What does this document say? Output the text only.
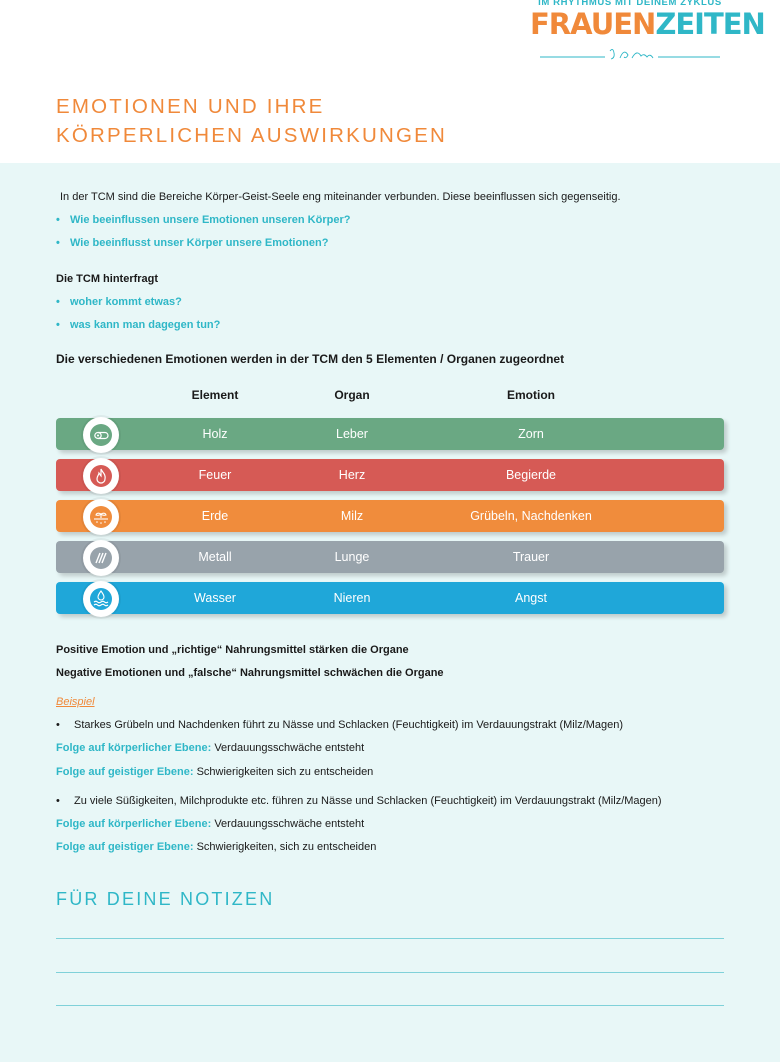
IM RHYTHMUS MIT DEINEM ZYKLUS
FRAUENZEITEN
EMOTIONEN UND IHRE
KÖRPERLICHEN AUSWIRKUNGEN
In der TCM sind die Bereiche Körper-Geist-Seele eng miteinander verbunden. Diese beeinflussen sich gegenseitig.
• Wie beeinflussen unsere Emotionen unseren Körper?
• Wie beeinflusst unser Körper unsere Emotionen?
Die TCM hinterfragt
• woher kommt etwas?
• was kann man dagegen tun?
Die verschiedenen Emotionen werden in der TCM den 5 Elementen / Organen zugeordnet
Element	Organ	Emotion
Holz	Leber	Zorn
Feuer	Herz	Begierde
Erde	Milz	Grübeln, Nachdenken
Metall	Lunge	Trauer
Wasser	Nieren	Angst
Positive Emotion und „richtige“ Nahrungsmittel stärken die Organe
Negative Emotionen und „falsche“ Nahrungsmittel schwächen die Organe
Beispiel
• Starkes Grübeln und Nachdenken führt zu Nässe und Schlacken (Feuchtigkeit) im Verdauungstrakt (Milz/Magen)
Folge auf körperlicher Ebene: Verdauungsschwäche entsteht
Folge auf geistiger Ebene: Schwierigkeiten sich zu entscheiden
• Zu viele Süßigkeiten, Milchprodukte etc. führen zu Nässe und Schlacken (Feuchtigkeit) im Verdauungstrakt (Milz/Magen)
Folge auf körperlicher Ebene: Verdauungsschwäche entsteht
Folge auf geistiger Ebene: Schwierigkeiten, sich zu entscheiden
FÜR DEINE NOTIZEN
